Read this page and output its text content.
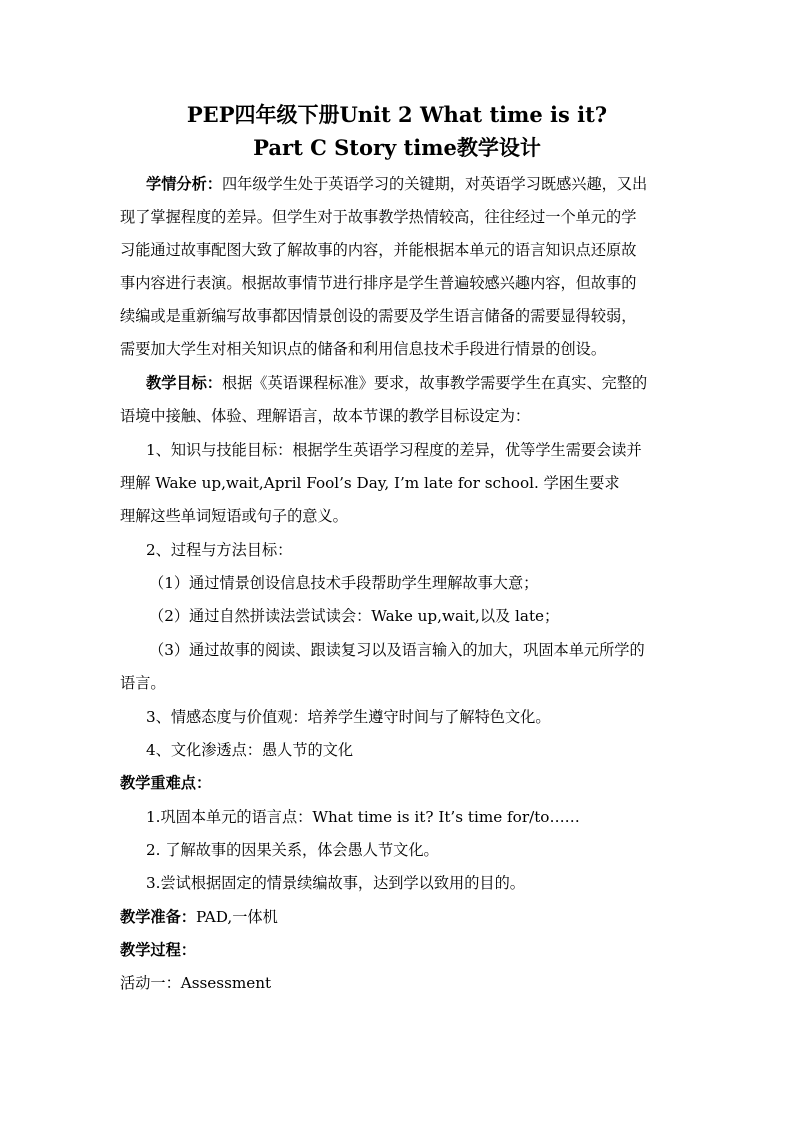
PEP四年级下册Unit 2 What time is it?
Part C Story time教学设计
学情分析：四年级学生处于英语学习的关键期，对英语学习既感兴趣，又出
现了掌握程度的差异。但学生对于故事教学热情较高，往往经过一个单元的学
习能通过故事配图大致了解故事的内容，并能根据本单元的语言知识点还原故
事内容进行表演。根据故事情节进行排序是学生普遍较感兴趣内容，但故事的
续编或是重新编写故事都因情景创设的需要及学生语言储备的需要显得较弱，
需要加大学生对相关知识点的储备和利用信息技术手段进行情景的创设。
教学目标：根据《英语课程标准》要求，故事教学需要学生在真实、完整的
语境中接触、体验、理解语言，故本节课的教学目标设定为：
1、知识与技能目标：根据学生英语学习程度的差异，优等学生需要会读并
理解 Wake up,wait,April Fool’s Day, I’m late for school. 学困生要求
理解这些单词短语或句子的意义。
2、过程与方法目标：
（1）通过情景创设信息技术手段帮助学生理解故事大意；
（2）通过自然拼读法尝试读会：Wake up,wait,以及 late；
（3）通过故事的阅读、跟读复习以及语言输入的加大，巩固本单元所学的
语言。
3、情感态度与价值观：培养学生遵守时间与了解特色文化。
4、文化渗透点：愚人节的文化
教学重难点：
1.巩固本单元的语言点：What time is it? It’s time for/to……
2. 了解故事的因果关系，体会愚人节文化。
3.尝试根据固定的情景续编故事，达到学以致用的目的。
教学准备：PAD,一体机
教学过程：
活动一：Assessment
